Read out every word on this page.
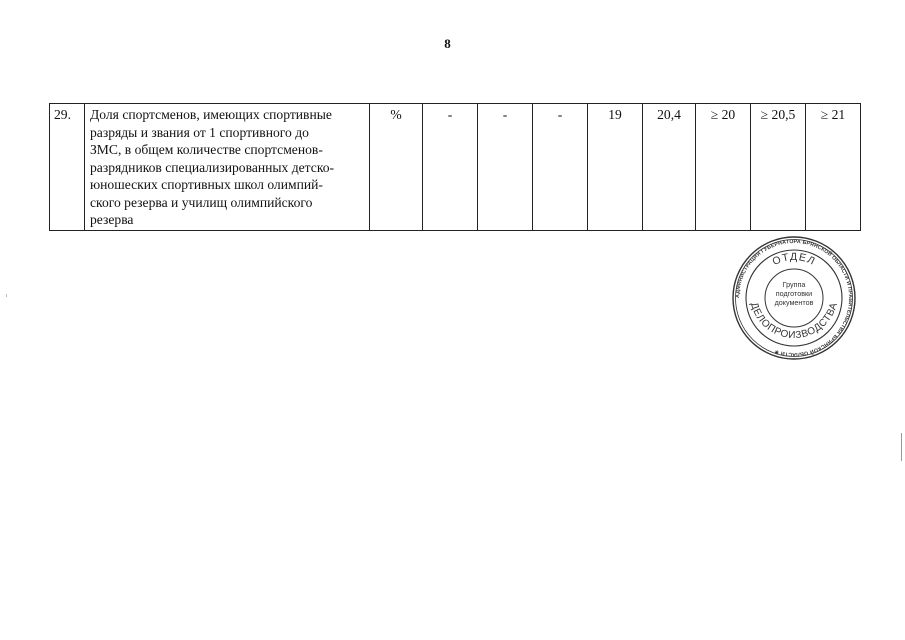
8
29.	Доля спортсменов, имеющих спортивные
разряды и звания от 1 спортивного до
ЗМС, в общем количестве спортсменов-
разрядников специализированных детско-
юношеских спортивных школ олимпий-
ского резерва и училищ олимпийского
резерва
	%	-	-	-	19	20,4	≥ 20	≥ 20,5	≥ 21
АДМИНИСТРАЦИЯ ГУБЕРНАТОРА БРЯНСКОЙ ОБЛАСТИ И ПРАВИТЕЛЬСТВА БРЯНСКОЙ ОБЛАСТИ ✱
ОТДЕЛ
ДЕЛОПРОИЗВОДСТВА
Группа
подготовки
документов
